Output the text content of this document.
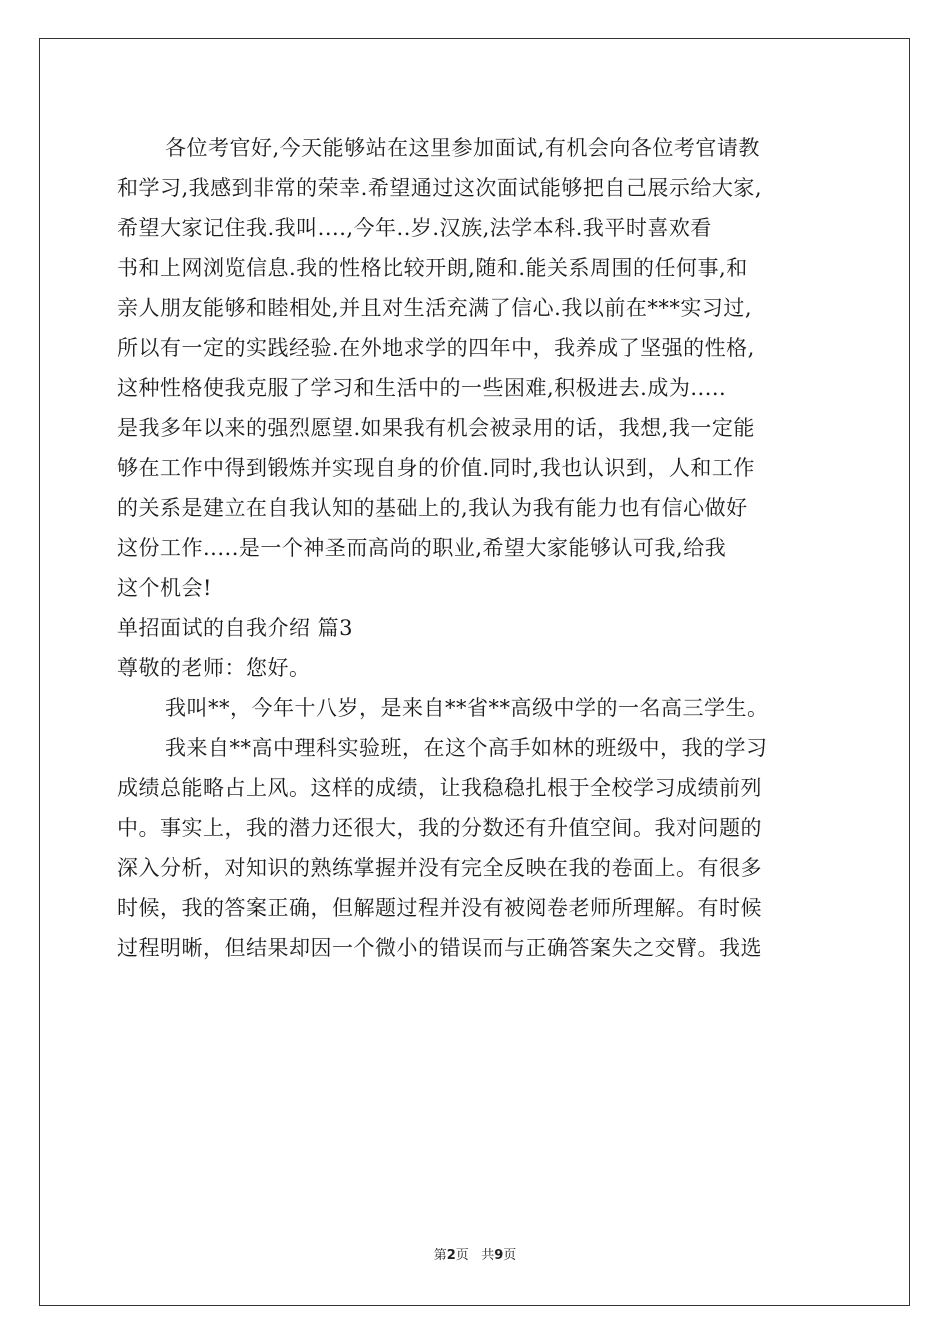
各位考官好,今天能够站在这里参加面试,有机会向各位考官请教
和学习,我感到非常的荣幸.希望通过这次面试能够把自己展示给大家,
希望大家记住我.我叫....,今年..岁.汉族,法学本科.我平时喜欢看
书和上网浏览信息.我的性格比较开朗,随和.能关系周围的任何事,和
亲人朋友能够和睦相处,并且对生活充满了信心.我以前在***实习过,
所以有一定的实践经验.在外地求学的四年中，我养成了坚强的性格,
这种性格使我克服了学习和生活中的一些困难,积极进去.成为.....
是我多年以来的强烈愿望.如果我有机会被录用的话，我想,我一定能
够在工作中得到锻炼并实现自身的价值.同时,我也认识到，人和工作
的关系是建立在自我认知的基础上的,我认为我有能力也有信心做好
这份工作.....是一个神圣而高尚的职业,希望大家能够认可我,给我
这个机会!
单招面试的自我介绍 篇3
尊敬的老师：您好。
我叫**，今年十八岁，是来自**省**高级中学的一名高三学生。
我来自**高中理科实验班，在这个高手如林的班级中，我的学习
成绩总能略占上风。这样的成绩，让我稳稳扎根于全校学习成绩前列
中。事实上，我的潜力还很大，我的分数还有升值空间。我对问题的
深入分析，对知识的熟练掌握并没有完全反映在我的卷面上。有很多
时候，我的答案正确，但解题过程并没有被阅卷老师所理解。有时候
过程明晰，但结果却因一个微小的错误而与正确答案失之交臂。我选
第2页 共9页
